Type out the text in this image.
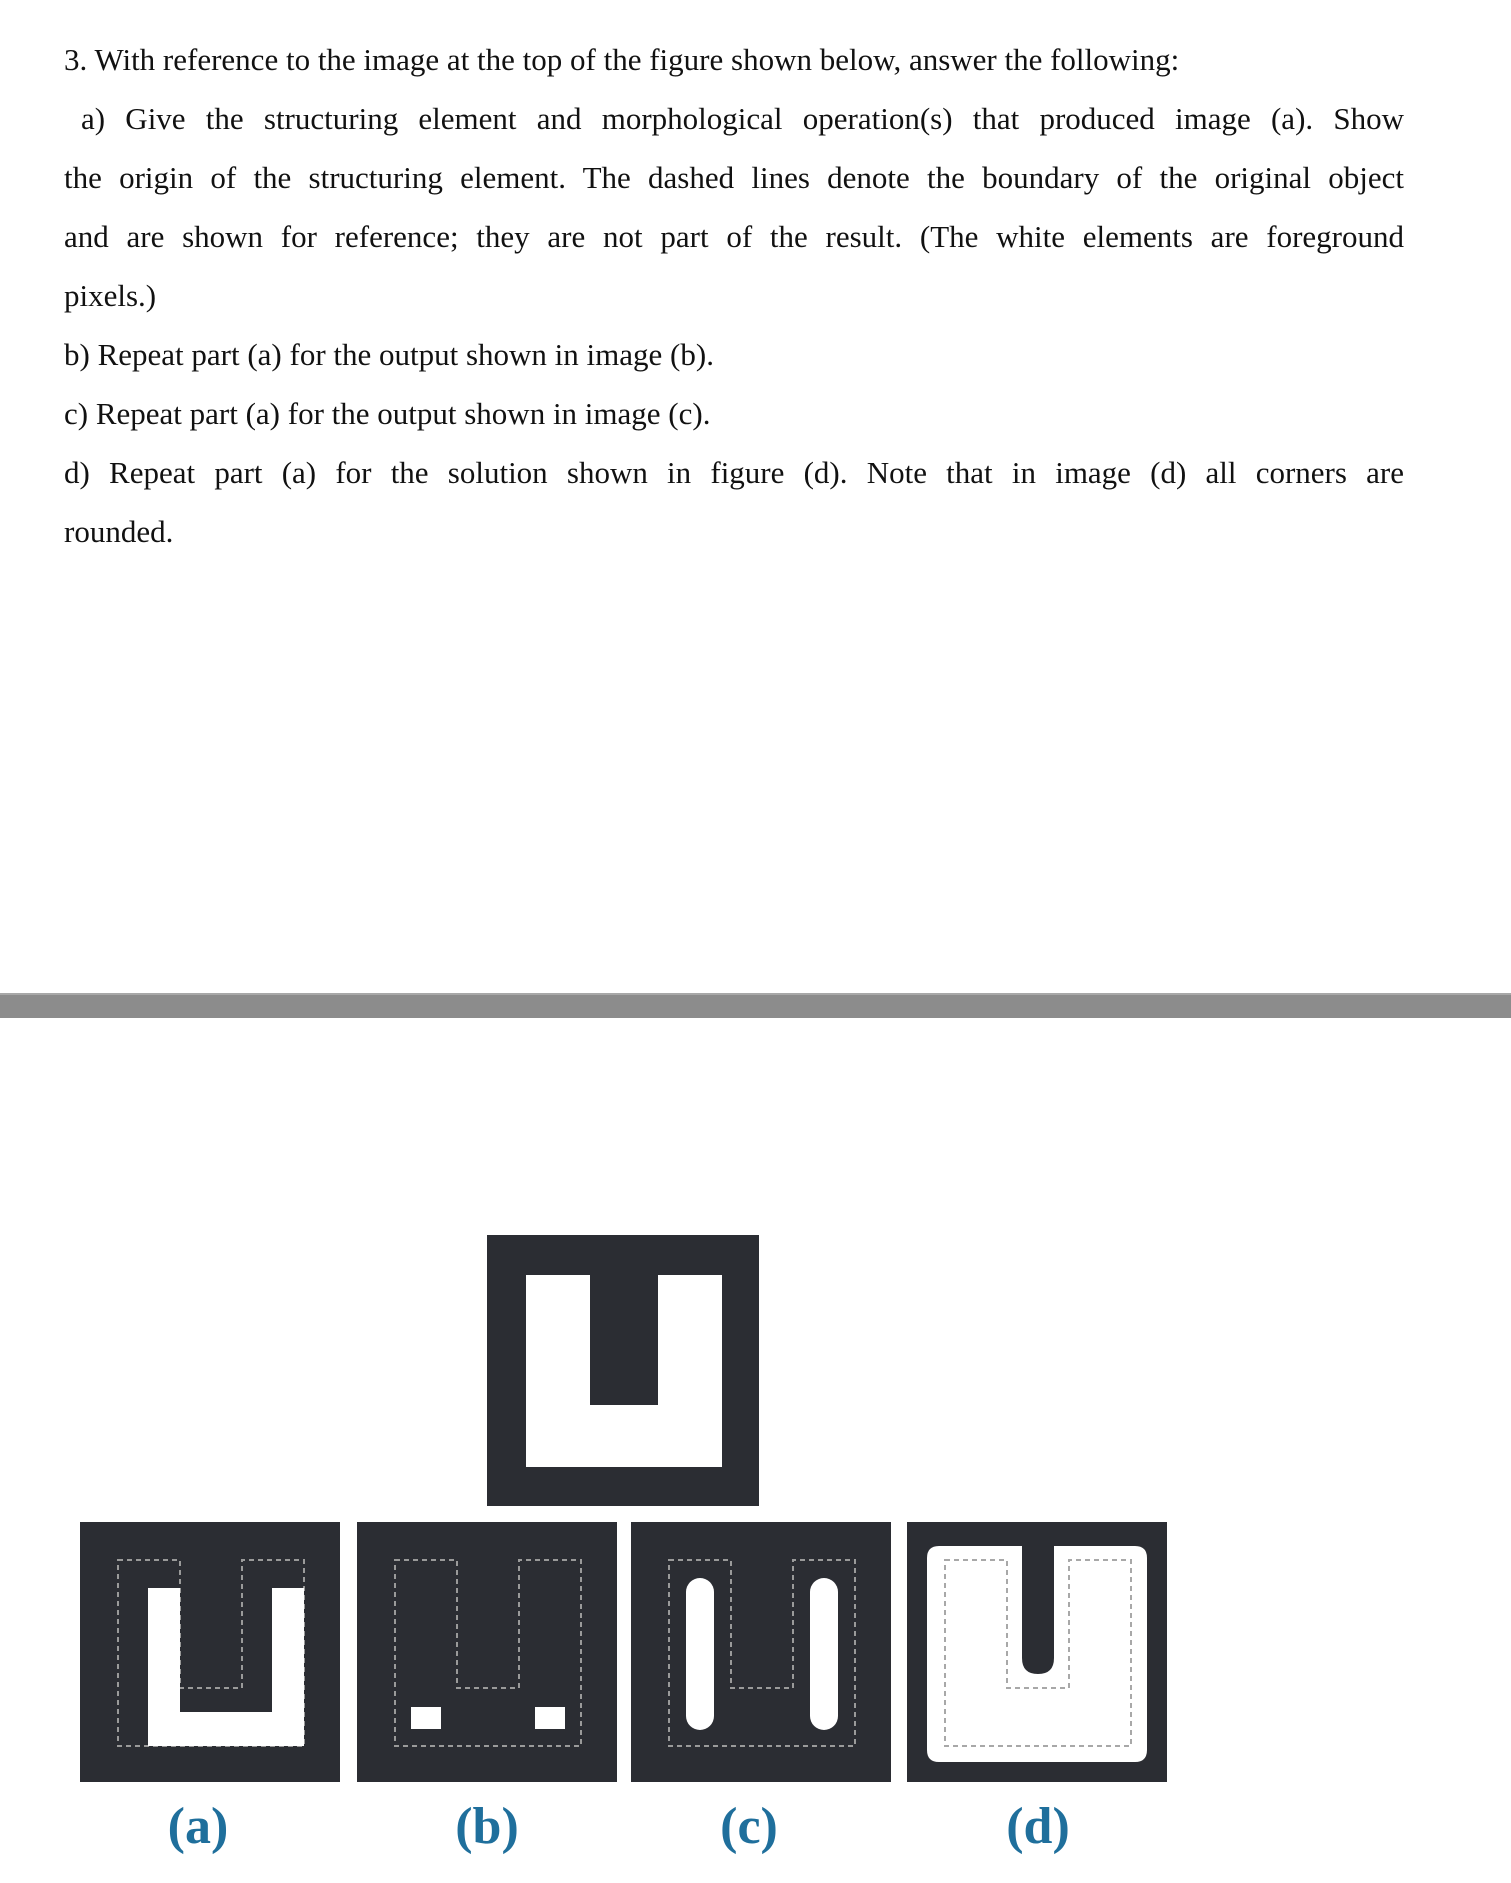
3. With reference to the image at the top of the figure shown below, answer the following:
a) Give the structuring element and morphological operation(s) that produced image (a). Show
the origin of the structuring element. The dashed lines denote the boundary of the original object
and are shown for reference; they are not part of the result. (The white elements are foreground
pixels.)
b) Repeat part (a) for the output shown in image (b).
c) Repeat part (a) for the output shown in image (c).
d) Repeat part (a) for the solution shown in figure (d). Note that in image (d) all corners are
rounded.
(a)	(b)	(c)	(d)
